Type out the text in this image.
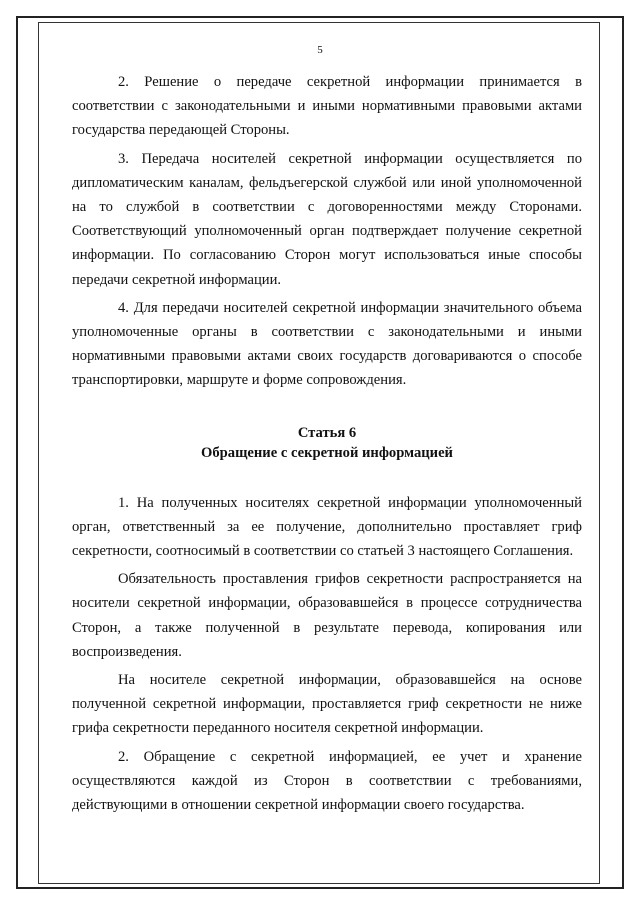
5

2. Решение о передаче секретной информации принимается в соответствии с законодательными и иными нормативными правовыми актами государства передающей Стороны.

3. Передача носителей секретной информации осуществляется по дипломатическим каналам, фельдъегерской службой или иной уполномоченной на то службой в соответствии с договоренностями между Сторонами. Соответствующий уполномоченный орган подтверждает получение секретной информации. По согласованию Сторон могут использоваться иные способы передачи секретной информации.

4. Для передачи носителей секретной информации значительного объема уполномоченные органы в соответствии с законодательными и иными нормативными правовыми актами своих государств договариваются о способе транспортировки, маршруте и форме сопровождения.

Статья 6
Обращение с секретной информацией

1. На полученных носителях секретной информации уполномоченный орган, ответственный за ее получение, дополнительно проставляет гриф секретности, соотносимый в соответствии со статьей 3 настоящего Соглашения.

Обязательность проставления грифов секретности распространяется на носители секретной информации, образовавшейся в процессе сотрудничества Сторон, а также полученной в результате перевода, копирования или воспроизведения.

На носителе секретной информации, образовавшейся на основе полученной секретной информации, проставляется гриф секретности не ниже грифа секретности переданного носителя секретной информации.

2. Обращение с секретной информацией, ее учет и хранение осуществляются каждой из Сторон в соответствии с требованиями, действующими в отношении секретной информации своего государства.
